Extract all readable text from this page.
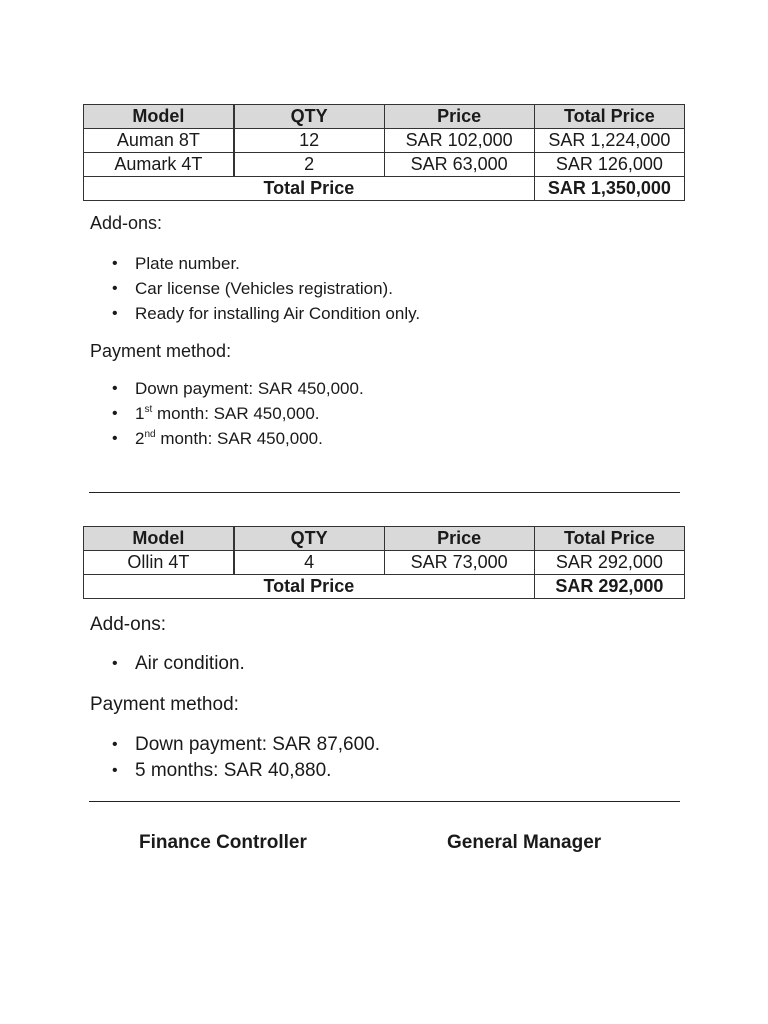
Model	QTY	Price	Total Price
Auman 8T	12	SAR 102,000	SAR 1,224,000
Aumark 4T	2	SAR 63,000	SAR 126,000
Total Price			SAR 1,350,000
Add-ons:
• Plate number.
• Car license (Vehicles registration).
• Ready for installing Air Condition only.
Payment method:
• Down payment: SAR 450,000.
• 1st month: SAR 450,000.
• 2nd month: SAR 450,000.
Model	QTY	Price	Total Price
Ollin 4T	4	SAR 73,000	SAR 292,000
Total Price			SAR 292,000
Add-ons:
• Air condition.
Payment method:
• Down payment: SAR 87,600.
• 5 months: SAR 40,880.
Finance Controller	General Manager
